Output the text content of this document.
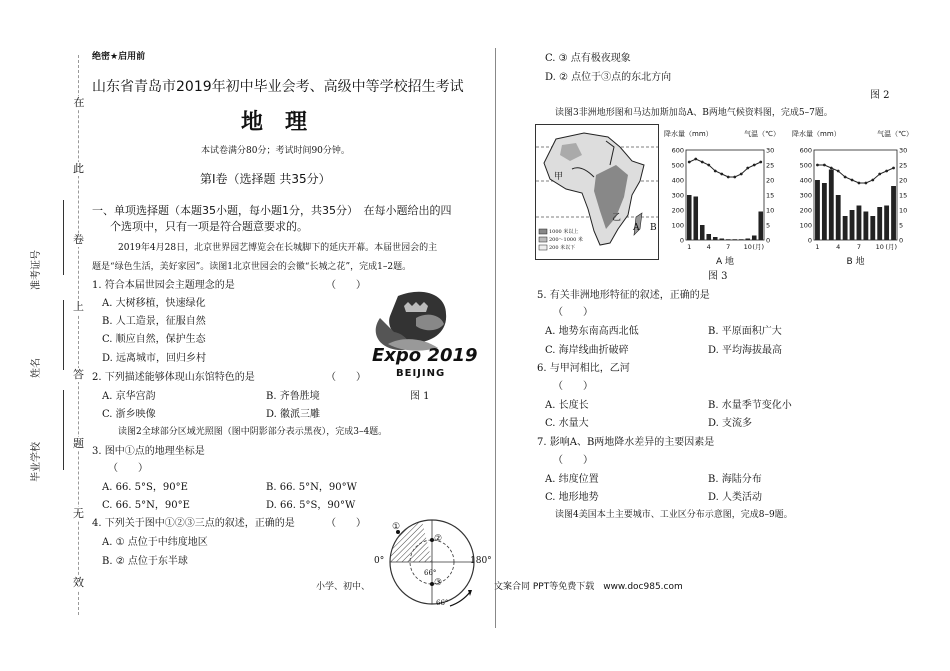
在
此
卷
上
答
题
无
效
准考证号
姓名
毕业学校
绝密★启用前
山东省青岛市2019年初中毕业会考、高级中等学校招生考试
地　理
本试卷满分80分；考试时间90分钟。
第Ⅰ卷（选择题 共35分）
一、单项选择题（本题35小题，每小题1分，共35分）　在每小题给出的四
个选项中，只有一项是符合题意要求的。
2019年4月28日，北京世界园艺博览会在长城脚下的延庆开幕。本届世园会的主
题是“绿色生活，美好家园”。读图1北京世园会的会徽“长城之花”，完成1–2题。
1. 符合本届世园会主题理念的是	（　　）
A. 大树移植，快速绿化
B. 人工造景，征服自然
C. 顺应自然，保护生态
D. 远离城市，回归乡村	Expo 2019
BEIJING
2. 下列描述能够体现山东馆特色的是	（　　）
A. 京华宫韵	B. 齐鲁胜境	图 1
C. 浙乡映像	D. 徽派三雕
读图2全球部分区域光照图（图中阴影部分表示黑夜），完成3–4题。
3. 图中①点的地理坐标是
（　　）
A. 66. 5°S，90°E	B. 66. 5°N，90°W
C. 66. 5°N，90°E	D. 66. 5°S，90°W
4. 下列关于图中①②③三点的叙述，正确的是	（　　）
A. ① 点位于中纬度地区
B. ② 点位于东半球	0°	180°
①
②
③
66°
66°
小学、初中、	文案合同 PPT等免费下载　www.doc985.com
C. ③ 点有极夜现象
D. ② 点位于③点的东北方向
图 2
读图3非洲地形图和马达加斯加岛A、B两地气候资料图，完成5–7题。
甲
乙
A B
1000 米以上
200～1000 米
200 米以下
降水量（mm）	气温（℃）
0
100
200
300
400
500
600
0
5
10
15
20
25
30
1 4 7 10 (月)
A 地
降水量（mm）	气温（℃）
0
100
200
300
400
500
600
0
5
10
15
20
25
30
1	4	7 10 (月)
B 地
图 3
5. 有关非洲地形特征的叙述，正确的是
（　　）
A. 地势东南高西北低	B. 平原面积广大
C. 海岸线曲折破碎	D. 平均海拔最高
6. 与甲河相比，乙河
（　　）
A. 长度长	B. 水量季节变化小
C. 水量大	D. 支流多
7. 影响A、B两地降水差异的主要因素是
（　　）
A. 纬度位置	B. 海陆分布
C. 地形地势	D. 人类活动
读图4美国本土主要城市、工业区分布示意图，完成8–9题。
